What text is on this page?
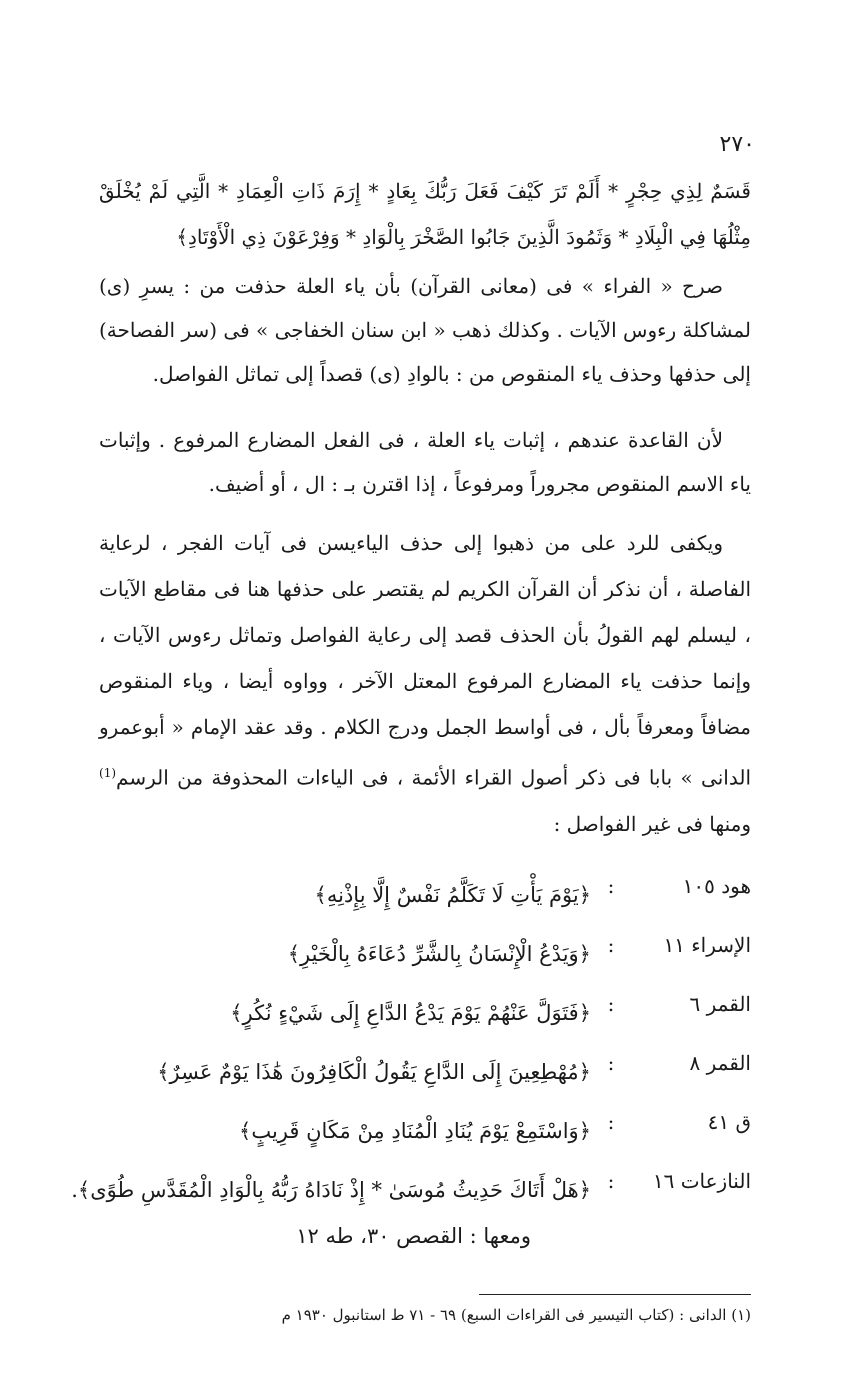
٢٧٠

قَسَمٌ لِذِي حِجْرٍ * أَلَمْ تَرَ كَيْفَ فَعَلَ رَبُّكَ بِعَادٍ * إِرَمَ ذَاتِ الْعِمَادِ * الَّتِي لَمْ يُخْلَقْ مِثْلُهَا فِي الْبِلَادِ * وَثَمُودَ الَّذِينَ جَابُوا الصَّخْرَ بِالْوَادِ * وَفِرْعَوْنَ ذِي الْأَوْتَادِ﴾

صرح « الفراء » فى (معانى القرآن) بأن ياء العلة حذفت من : يسرِ (ى) لمشاكلة رءوس الآيات . وكذلك ذهب « ابن سنان الخفاجى » فى (سر الفصاحة) إلى حذفها وحذف ياء المنقوص من : بالوادِ (ى) قصداً إلى تماثل الفواصل.

لأن القاعدة عندهم ، إثبات ياء العلة ، فى الفعل المضارع المرفوع . وإثبات ياء الاسم المنقوص مجروراً ومرفوعاً ، إذا اقترن بـ : ال ، أو أضيف.

ويكفى للرد على من ذهبوا إلى حذف الياءيسن فى آيات الفجر ، لرعاية الفاصلة ، أن نذكر أن القرآن الكريم لم يقتصر على حذفها هنا فى مقاطع الآيات ، ليسلم لهم القولُ بأن الحذف قصد إلى رعاية الفواصل وتماثل رءوس الآيات ، وإنما حذفت ياء المضارع المرفوع المعتل الآخر ، وواوه أيضا ، وياء المنقوص مضافاً ومعرفاً بأل ، فى أواسط الجمل ودرج الكلام . وقد عقد الإمام « أبوعمرو الدانى » بابا فى ذكر أصول القراء الأئمة ، فى الياءات المحذوفة من الرسم$^{(1)}$ ومنها فى غير الفواصل :

هود ١٠٥
:
﴿يَوْمَ يَأْتِ لَا تَكَلَّمُ نَفْسٌ إِلَّا بِإِذْنِهِ﴾
الإسراء ١١
:
﴿وَيَدْعُ الْإِنْسَانُ بِالشَّرِّ دُعَاءَهُ بِالْخَيْرِ﴾
القمر ٦
:
﴿فَتَوَلَّ عَنْهُمْ يَوْمَ يَدْعُ الدَّاعِ إِلَى شَيْءٍ نُكُرٍ﴾
القمر ٨
:
﴿مُهْطِعِينَ إِلَى الدَّاعِ يَقُولُ الْكَافِرُونَ هَٰذَا يَوْمٌ عَسِرٌ﴾
ق ٤١
:
﴿وَاسْتَمِعْ يَوْمَ يُنَادِ الْمُنَادِ مِنْ مَكَانٍ قَرِيبٍ﴾
النازعات ١٦
:
﴿هَلْ أَتَاكَ حَدِيثُ مُوسَىٰ * إِذْ نَادَاهُ رَبُّهُ بِالْوَادِ الْمُقَدَّسِ طُوًى﴾. ومعها : القصص ٣٠، طه ١٢
(١) الدانى : (كتاب التيسير فى القراءات السبع) ٦٩ - ٧١ ط استانبول ١٩٣٠ م
